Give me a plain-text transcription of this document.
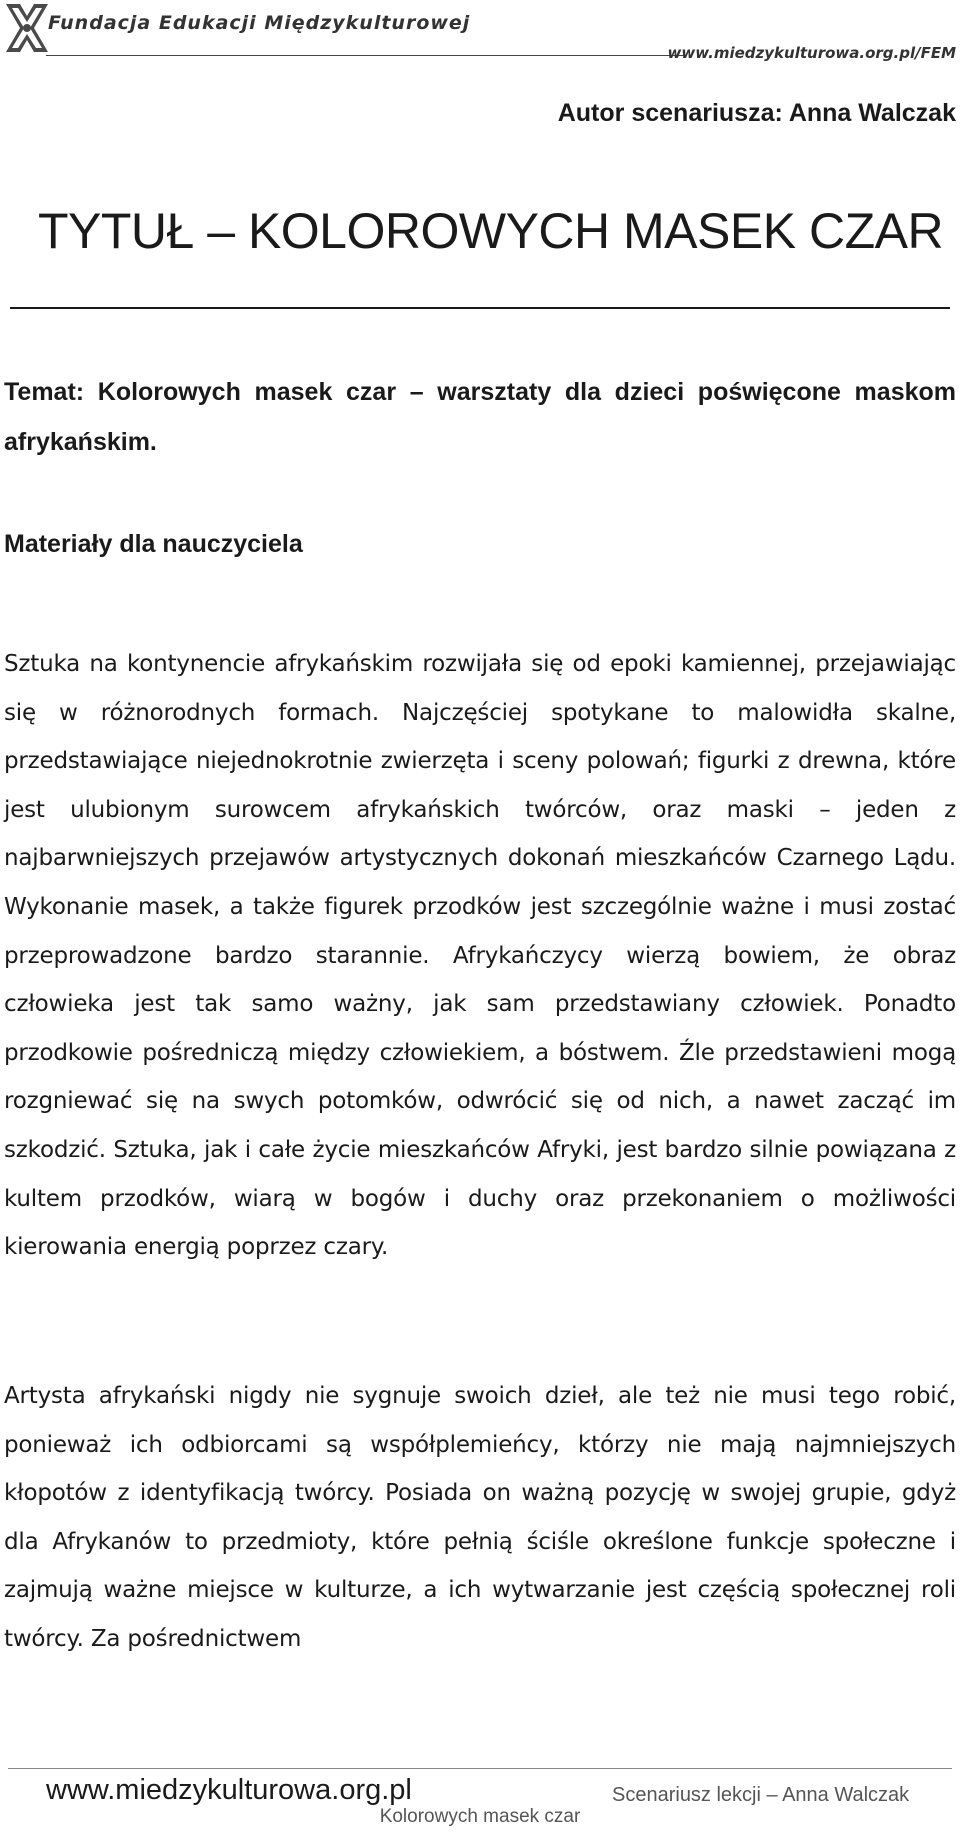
Fundacja Edukacji Międzykulturowej
www.miedzykulturowa.org.pl/FEM
Autor scenariusza: Anna Walczak
TYTUŁ – KOLOROWYCH MASEK CZAR
Temat: Kolorowych masek czar – warsztaty dla dzieci poświęcone maskom afrykańskim.
Materiały dla nauczyciela

Sztuka na kontynencie afrykańskim rozwijała się od epoki kamiennej, przejawiając się w różnorodnych formach. Najczęściej spotykane to malowidła skalne, przedstawiające niejednokrotnie zwierzęta i sceny polowań; figurki z drewna, które jest ulubionym surowcem afrykańskich twórców, oraz maski – jeden z najbarwniejszych przejawów artystycznych dokonań mieszkańców Czarnego Lądu. Wykonanie masek, a także figurek przodków jest szczególnie ważne i musi zostać przeprowadzone bardzo starannie. Afrykańczycy wierzą bowiem, że obraz człowieka jest tak samo ważny, jak sam przedstawiany człowiek. Ponadto przodkowie pośredniczą między człowiekiem, a bóstwem. Źle przedstawieni mogą rozgniewać się na swych potomków, odwrócić się od nich, a nawet zacząć im szkodzić. Sztuka, jak i całe życie mieszkańców Afryki, jest bardzo silnie powiązana z kultem przodków, wiarą w bogów i duchy oraz przekonaniem o możliwości kierowania energią poprzez czary.

Artysta afrykański nigdy nie sygnuje swoich dzieł, ale też nie musi tego robić, ponieważ ich odbiorcami są współplemieńcy, którzy nie mają najmniejszych kłopotów z identyfikacją twórcy. Posiada on ważną pozycję w swojej grupie, gdyż dla Afrykanów to przedmioty, które pełnią ściśle określone funkcje społeczne i zajmują ważne miejsce w kulturze, a ich wytwarzanie jest częścią społecznej roli twórcy. Za pośrednictwem

www.miedzykulturowa.org.pl	Scenariusz lekcji – Anna Walczak
Kolorowych masek czar
